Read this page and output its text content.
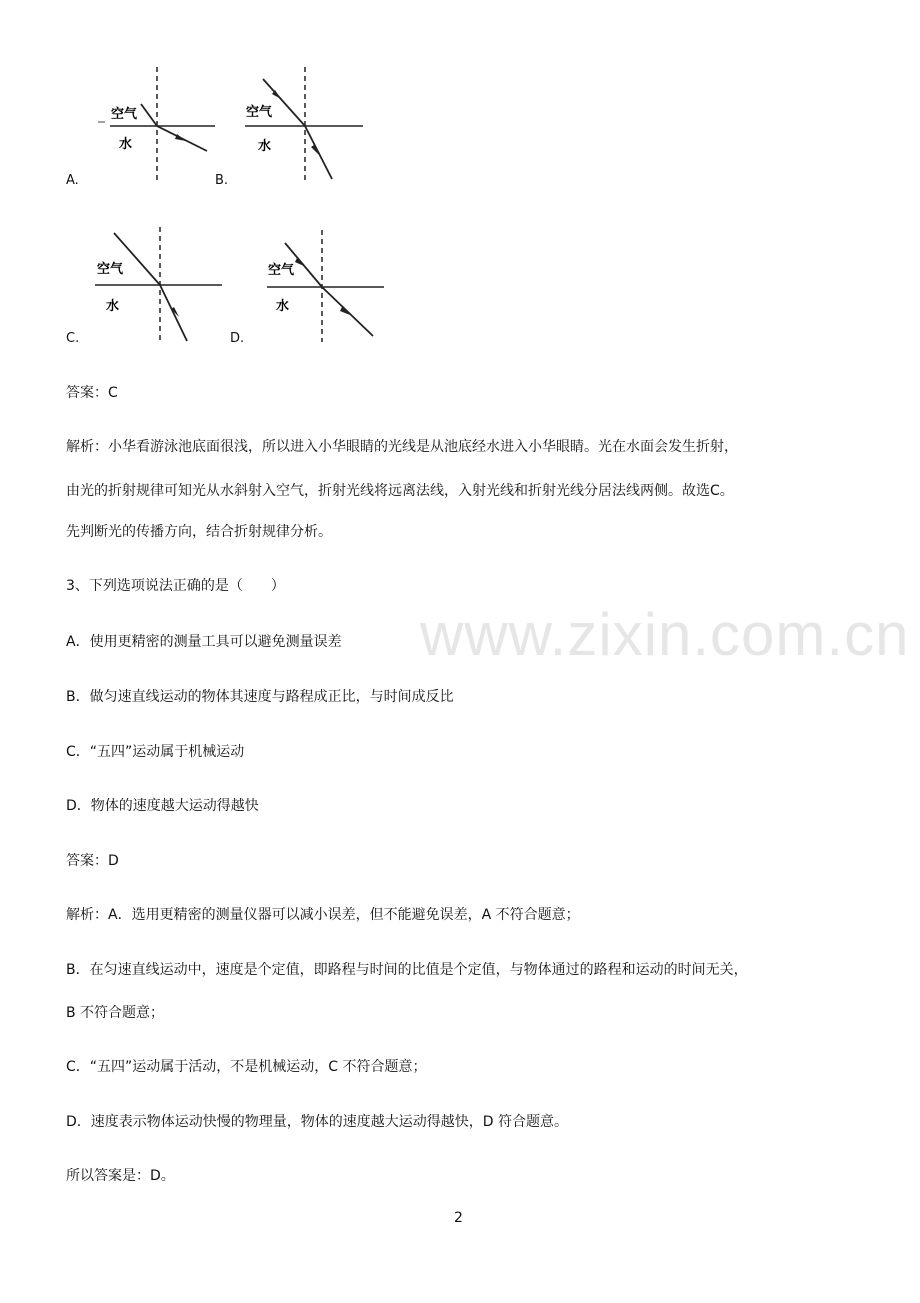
www.zixin.com.cn
空气
水
A.
空气
水
B.
空气
水
C.
空气
水
D.
答案：C
解析：小华看游泳池底面很浅，所以进入小华眼睛的光线是从池底经水进入小华眼睛。光在水面会发生折射，
由光的折射规律可知光从水斜射入空气，折射光线将远离法线，入射光线和折射光线分居法线两侧。故选C。
先判断光的传播方向，结合折射规律分析。
3、下列选项说法正确的是（　　）
A．使用更精密的测量工具可以避免测量误差
B．做匀速直线运动的物体其速度与路程成正比，与时间成反比
C．“五四”运动属于机械运动
D．物体的速度越大运动得越快
答案：D
解析：A．选用更精密的测量仪器可以减小误差，但不能避免误差，A 不符合题意；
B．在匀速直线运动中，速度是个定值，即路程与时间的比值是个定值，与物体通过的路程和运动的时间无关，
B 不符合题意；
C．“五四”运动属于活动，不是机械运动，C 不符合题意；
D．速度表示物体运动快慢的物理量，物体的速度越大运动得越快，D 符合题意。
所以答案是：D。
2
